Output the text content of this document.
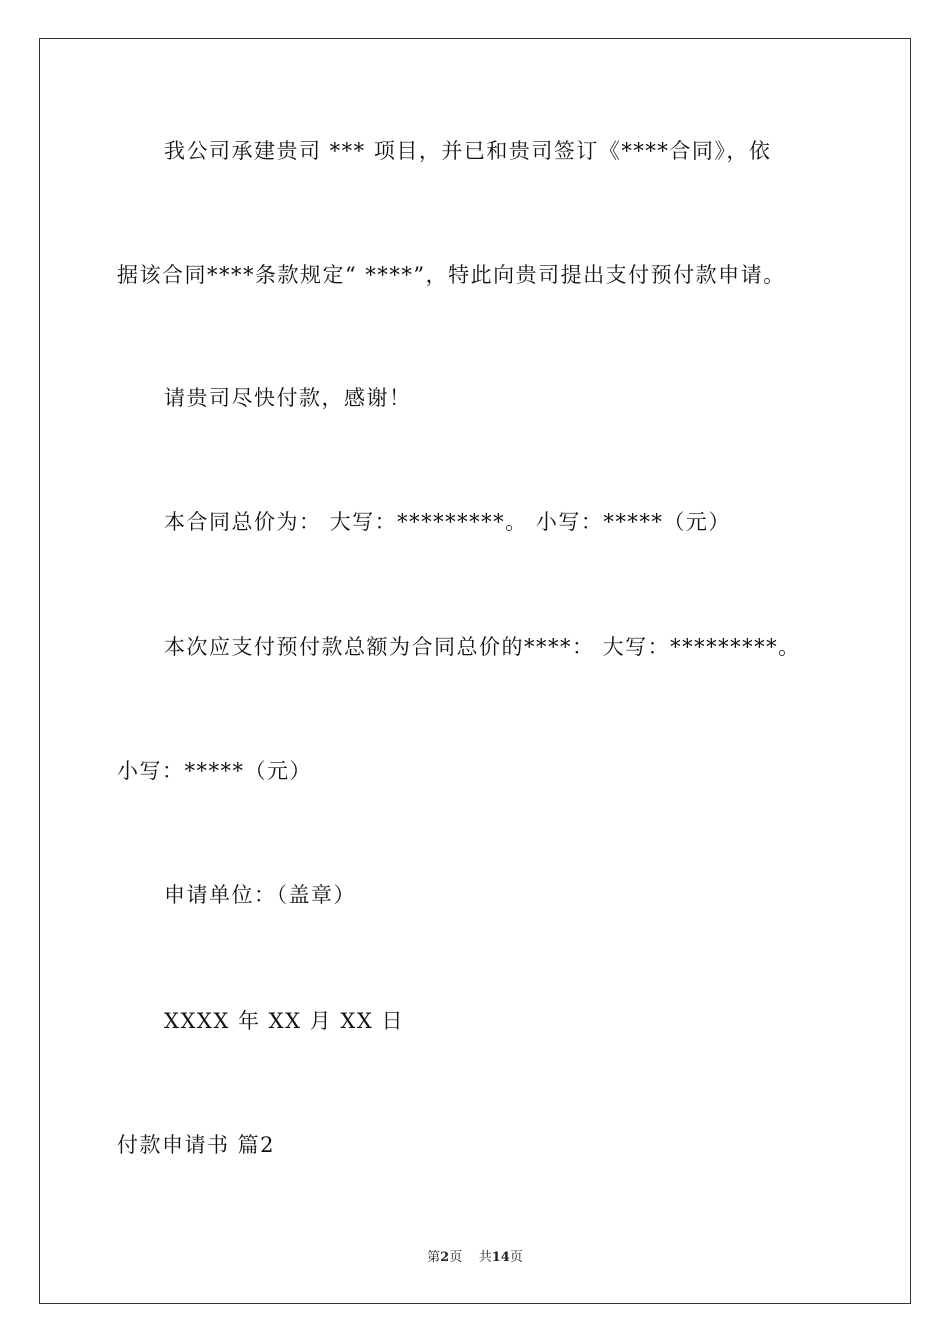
我公司承建贵司 *** 项目，并已和贵司签订《****合同》，依
据该合同****条款规定“ ****”，特此向贵司提出支付预付款申请。
请贵司尽快付款，感谢！
本合同总价为： 大写：*********。 小写：*****（元）
本次应支付预付款总额为合同总价的****： 大写：*********。
小写：*****（元）
申请单位：（盖章）
XXXX 年 XX 月 XX 日
付款申请书 篇2
第2页 共14页
